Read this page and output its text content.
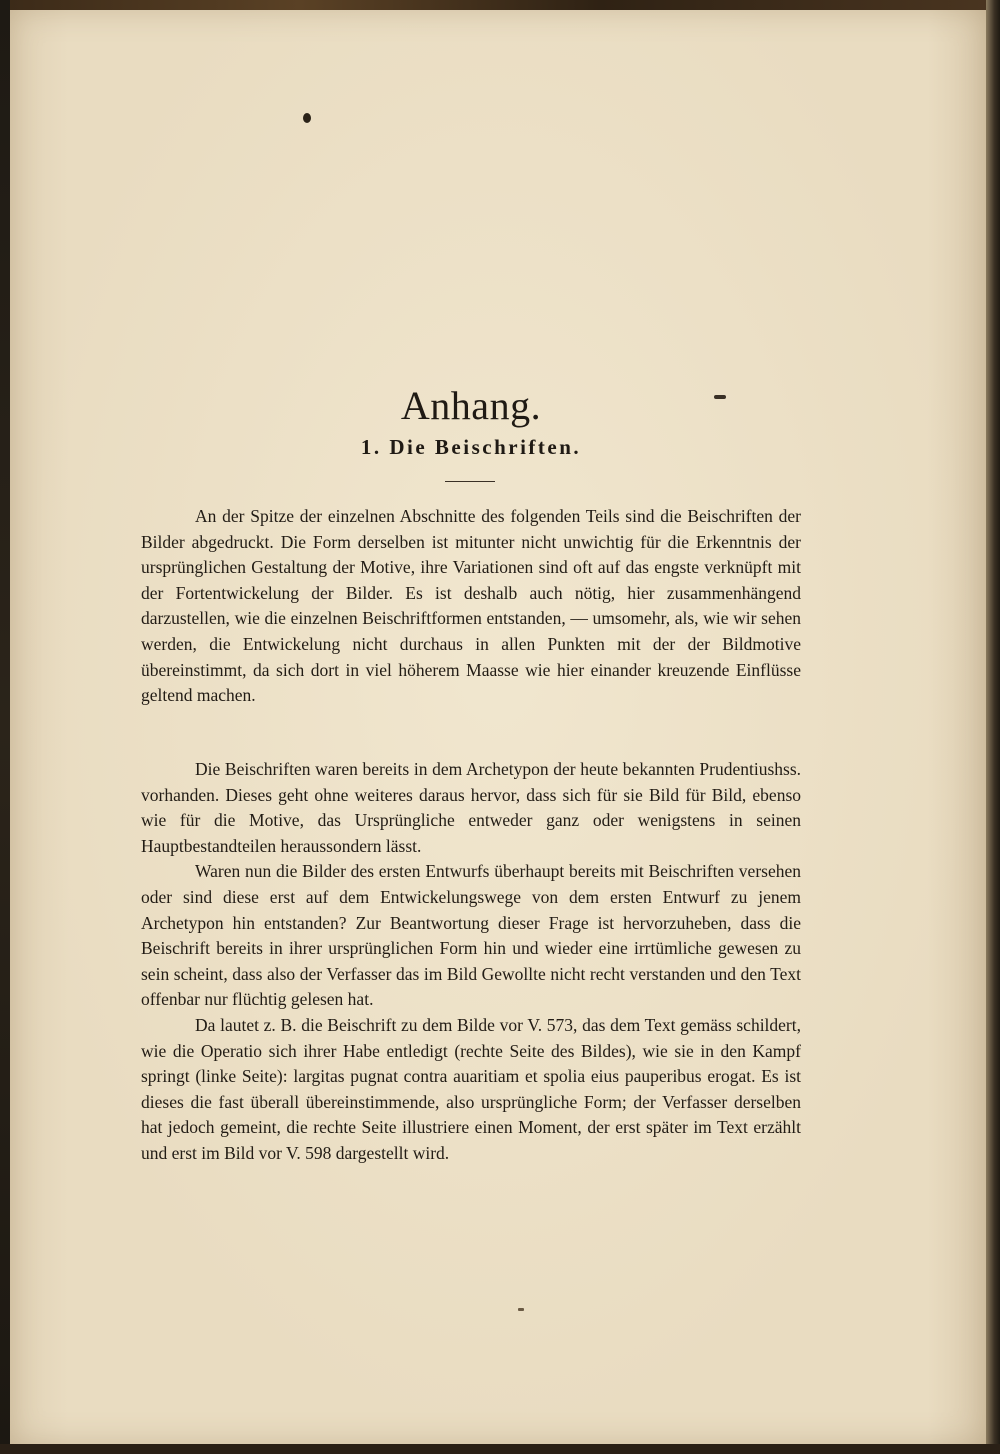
Anhang.
1. Die Beischriften.

An der Spitze der einzelnen Abschnitte des folgenden Teils sind die Beischriften der Bilder abgedruckt. Die Form derselben ist mitunter nicht unwichtig für die Erkenntnis der ursprünglichen Gestaltung der Motive, ihre Variationen sind oft auf das engste verknüpft mit der Fortentwickelung der Bilder. Es ist deshalb auch nötig, hier zusammenhängend darzustellen, wie die einzelnen Beischriftformen entstanden, — umsomehr, als, wie wir sehen werden, die Entwickelung nicht durchaus in allen Punkten mit der der Bildmotive übereinstimmt, da sich dort in viel höherem Maasse wie hier einander kreuzende Einflüsse geltend machen.

Die Beischriften waren bereits in dem Archetypon der heute bekannten Prudentiushss. vorhanden. Dieses geht ohne weiteres daraus hervor, dass sich für sie Bild für Bild, ebenso wie für die Motive, das Ursprüngliche entweder ganz oder wenigstens in seinen Hauptbestandteilen heraussondern lässt.

Waren nun die Bilder des ersten Entwurfs überhaupt bereits mit Beischriften versehen oder sind diese erst auf dem Entwickelungswege von dem ersten Entwurf zu jenem Archetypon hin entstanden? Zur Beantwortung dieser Frage ist hervorzuheben, dass die Beischrift bereits in ihrer ursprünglichen Form hin und wieder eine irrtümliche gewesen zu sein scheint, dass also der Verfasser das im Bild Gewollte nicht recht verstanden und den Text offenbar nur flüchtig gelesen hat.

Da lautet z. B. die Beischrift zu dem Bilde vor V. 573, das dem Text gemäss schildert, wie die Operatio sich ihrer Habe entledigt (rechte Seite des Bildes), wie sie in den Kampf springt (linke Seite): largitas pugnat contra auaritiam et spolia eius pauperibus erogat. Es ist dieses die fast überall übereinstimmende, also ursprüngliche Form; der Verfasser derselben hat jedoch gemeint, die rechte Seite illustriere einen Moment, der erst später im Text erzählt und erst im Bild vor V. 598 dargestellt wird.
